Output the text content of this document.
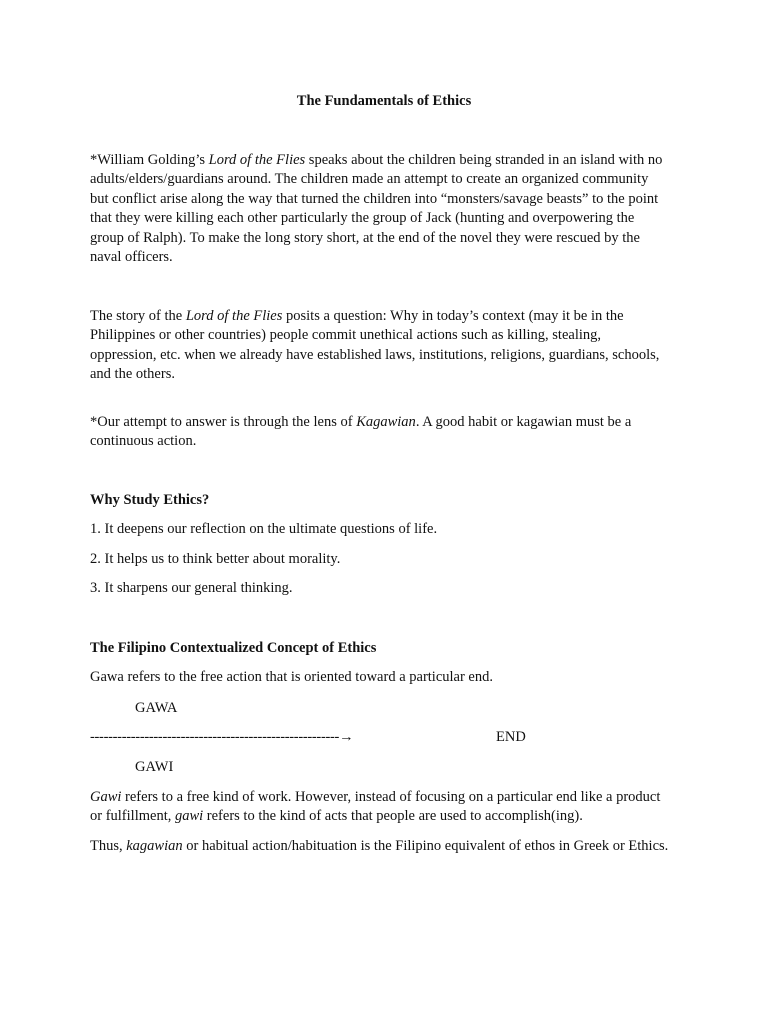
The Fundamentals of Ethics

*William Golding’s Lord of the Flies speaks about the children being stranded in an island with no adults/elders/guardians around. The children made an attempt to create an organized community but conflict arise along the way that turned the children into “monsters/savage beasts” to the point that they were killing each other particularly the group of Jack (hunting and overpowering the group of Ralph). To make the long story short, at the end of the novel they were rescued by the naval officers.

The story of the Lord of the Flies posits a question: Why in today’s context (may it be in the Philippines or other countries) people commit unethical actions such as killing, stealing, oppression, etc. when we already have established laws, institutions, religions, guardians, schools, and the others.

*Our attempt to answer is through the lens of Kagawian. A good habit or kagawian must be a continuous action.

Why Study Ethics?
1. It deepens our reflection on the ultimate questions of life.
2. It helps us to think better about morality.
3. It sharpens our general thinking.
The Filipino Contextualized Concept of Ethics
Gawa refers to the free action that is oriented toward a particular end.
GAWA
-------------------------------------------------------→	END
GAWI

Gawi refers to a free kind of work. However, instead of focusing on a particular end like a product or fulfillment, gawi refers to the kind of acts that people are used to accomplish(ing).

Thus, kagawian or habitual action/habituation is the Filipino equivalent of ethos in Greek or Ethics.
